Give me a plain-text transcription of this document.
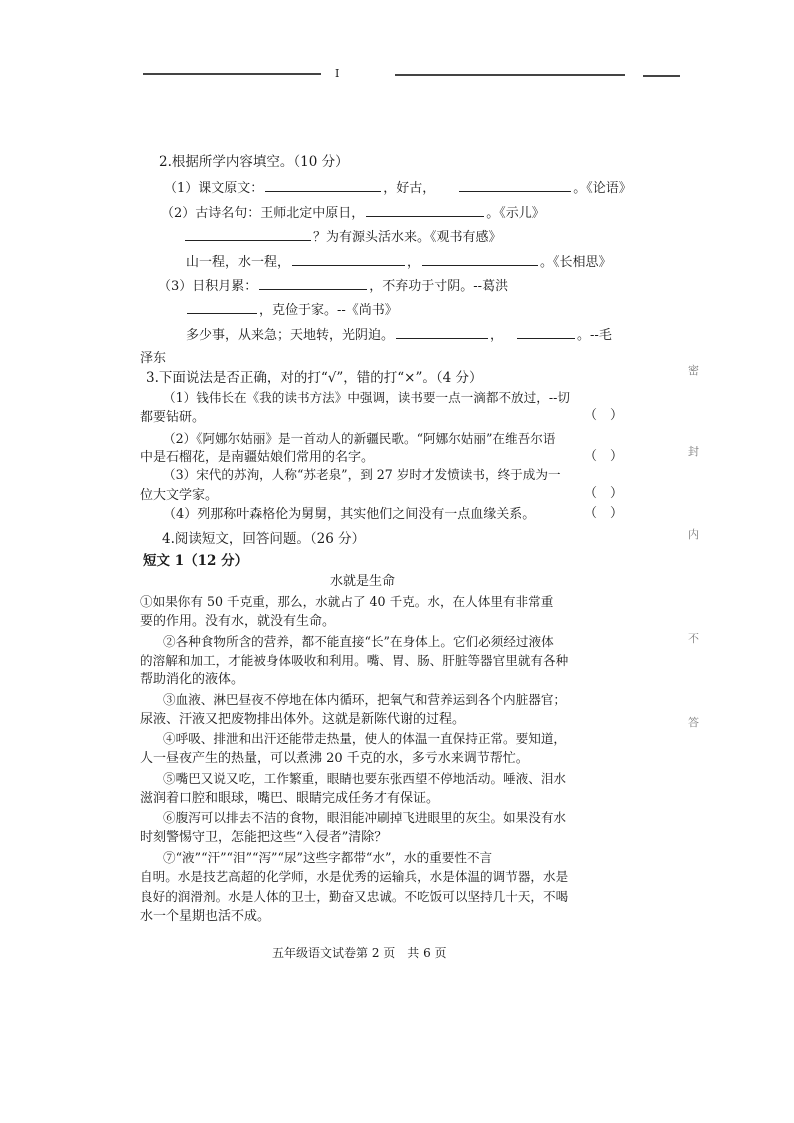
I
2.根据所学内容填空。（10 分）
（1）课文原文：	，好古，	。《论语》
（2）古诗名句：王师北定中原日，	。《示儿》
？为有源头活水来。《观书有感》
山一程，水一程，	，	。《长相思》
（3）日积月累：	，不弃功于寸阴。--葛洪
，克俭于家。--《尚书》
多少事，从来急；天地转，光阴迫。	，	。--毛
泽东
3.下面说法是否正确，对的打“√”，错的打“×”。（4 分）
（1）钱伟长在《我的读书方法》中强调，读书要一点一滴都不放过，--切
都要钻研。	（　）
（2）《阿娜尔姑丽》是一首动人的新疆民歌。“阿娜尔姑丽”在维吾尔语
中是石榴花，是南疆姑娘们常用的名字。	（　）
（3）宋代的苏洵，人称“苏老泉”，到 27 岁时才发愤读书，终于成为一
位大文学家。	（　）
（4）列那称叶森格伦为舅舅，其实他们之间没有一点血缘关系。	（　）
4.阅读短文，回答问题。（26 分）
短文 1（12 分）
水就是生命
①如果你有 50 千克重，那么，水就占了 40 千克。水，在人体里有非常重
要的作用。没有水，就没有生命。
②各种食物所含的营养，都不能直接“长”在身体上。它们必须经过液体
的溶解和加工，才能被身体吸收和利用。嘴、胃、肠、肝脏等器官里就有各种
帮助消化的液体。
③血液、淋巴昼夜不停地在体内循环，把氧气和营养运到各个内脏器官；
尿液、汗液又把废物排出体外。这就是新陈代谢的过程。
④呼吸、排泄和出汗还能带走热量，使人的体温一直保持正常。要知道，
人一昼夜产生的热量，可以煮沸 20 千克的水，多亏水来调节帮忙。
⑤嘴巴又说又吃，工作繁重，眼睛也要东张西望不停地活动。唾液、泪水
滋润着口腔和眼球，嘴巴、眼睛完成任务才有保证。
⑥腹泻可以排去不洁的食物，眼泪能冲刷掉飞进眼里的灰尘。如果没有水
时刻警惕守卫，怎能把这些“入侵者”清除？
⑦“液”“汗”“泪”“泻”“尿”这些字都带“水”，水的重要性不言
自明。水是技艺高超的化学师，水是优秀的运输兵，水是体温的调节器，水是
良好的润滑剂。水是人体的卫士，勤奋又忠诚。不吃饭可以坚持几十天，不喝
水一个星期也活不成。
五年级语文试卷第 2 页　共 6 页
密
封
内
不
答
